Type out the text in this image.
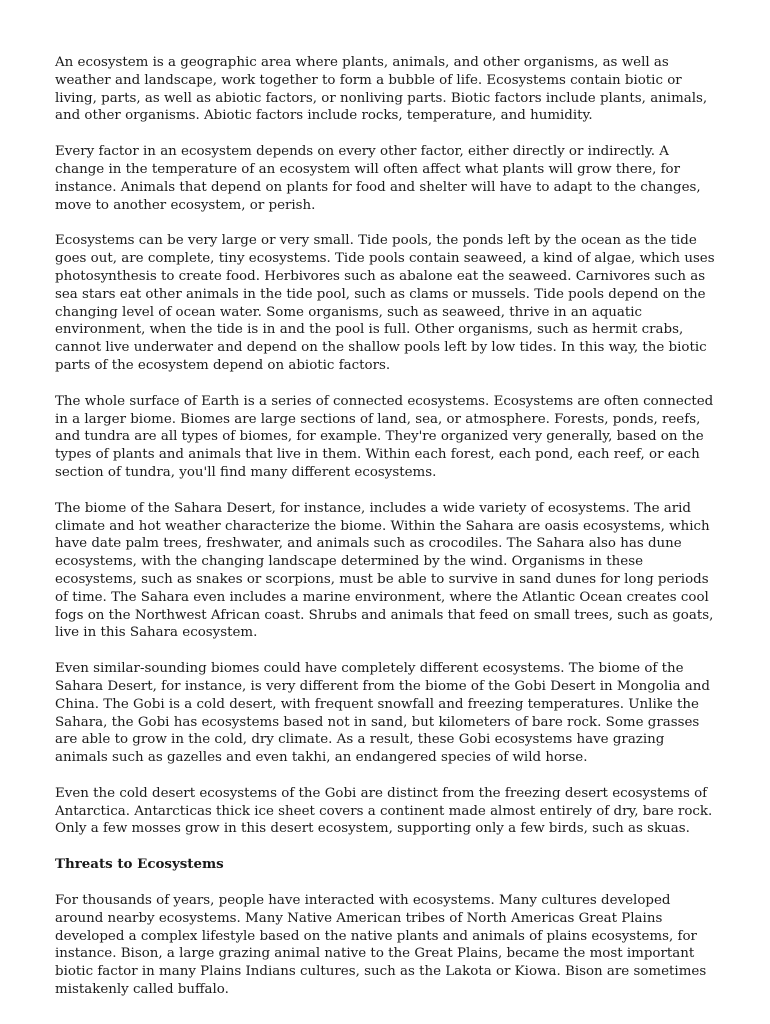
An ecosystem is a geographic area where plants, animals, and other organisms, as well as weather and landscape, work together to form a bubble of life. Ecosystems contain biotic or living, parts, as well as abiotic factors, or nonliving parts. Biotic factors include plants, animals, and other organisms. Abiotic factors include rocks, temperature, and humidity.

Every factor in an ecosystem depends on every other factor, either directly or indirectly. A change in the temperature of an ecosystem will often affect what plants will grow there, for instance. Animals that depend on plants for food and shelter will have to adapt to the changes, move to another ecosystem, or perish.

Ecosystems can be very large or very small. Tide pools, the ponds left by the ocean as the tide goes out, are complete, tiny ecosystems. Tide pools contain seaweed, a kind of algae, which uses photosynthesis to create food. Herbivores such as abalone eat the seaweed. Carnivores such as sea stars eat other animals in the tide pool, such as clams or mussels. Tide pools depend on the changing level of ocean water. Some organisms, such as seaweed, thrive in an aquatic environment, when the tide is in and the pool is full. Other organisms, such as hermit crabs, cannot live underwater and depend on the shallow pools left by low tides. In this way, the biotic parts of the ecosystem depend on abiotic factors.

The whole surface of Earth is a series of connected ecosystems. Ecosystems are often connected in a larger biome. Biomes are large sections of land, sea, or atmosphere. Forests, ponds, reefs, and tundra are all types of biomes, for example. They're organized very generally, based on the types of plants and animals that live in them. Within each forest, each pond, each reef, or each section of tundra, you'll find many different ecosystems.

The biome of the Sahara Desert, for instance, includes a wide variety of ecosystems. The arid climate and hot weather characterize the biome. Within the Sahara are oasis ecosystems, which have date palm trees, freshwater, and animals such as crocodiles. The Sahara also has dune ecosystems, with the changing landscape determined by the wind. Organisms in these ecosystems, such as snakes or scorpions, must be able to survive in sand dunes for long periods of time. The Sahara even includes a marine environment, where the Atlantic Ocean creates cool fogs on the Northwest African coast. Shrubs and animals that feed on small trees, such as goats, live in this Sahara ecosystem.

Even similar-sounding biomes could have completely different ecosystems. The biome of the Sahara Desert, for instance, is very different from the biome of the Gobi Desert in Mongolia and China. The Gobi is a cold desert, with frequent snowfall and freezing temperatures. Unlike the Sahara, the Gobi has ecosystems based not in sand, but kilometers of bare rock. Some grasses are able to grow in the cold, dry climate. As a result, these Gobi ecosystems have grazing animals such as gazelles and even takhi, an endangered species of wild horse.

Even the cold desert ecosystems of the Gobi are distinct from the freezing desert ecosystems of Antarctica. Antarcticas thick ice sheet covers a continent made almost entirely of dry, bare rock. Only a few mosses grow in this desert ecosystem, supporting only a few birds, such as skuas.

Threats to Ecosystems

For thousands of years, people have interacted with ecosystems. Many cultures developed around nearby ecosystems. Many Native American tribes of North Americas Great Plains developed a complex lifestyle based on the native plants and animals of plains ecosystems, for instance. Bison, a large grazing animal native to the Great Plains, became the most important biotic factor in many Plains Indians cultures, such as the Lakota or Kiowa. Bison are sometimes mistakenly called buffalo.
